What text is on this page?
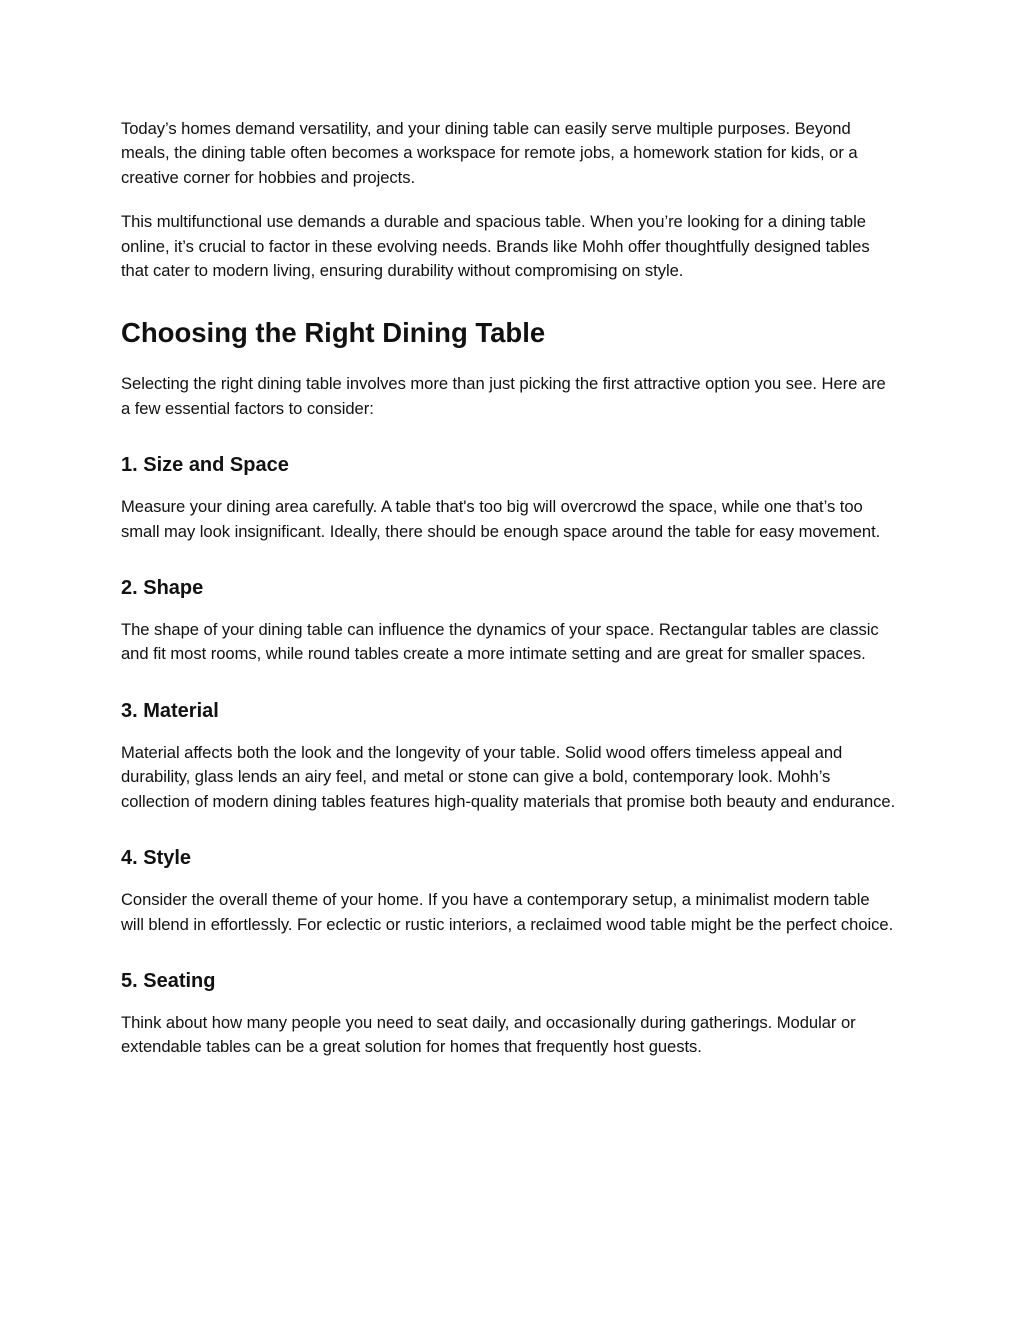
Today’s homes demand versatility, and your dining table can easily serve multiple purposes. Beyond meals, the dining table often becomes a workspace for remote jobs, a homework station for kids, or a creative corner for hobbies and projects.

This multifunctional use demands a durable and spacious table. When you’re looking for a dining table online, it’s crucial to factor in these evolving needs. Brands like Mohh offer thoughtfully designed tables that cater to modern living, ensuring durability without compromising on style.

Choosing the Right Dining Table

Selecting the right dining table involves more than just picking the first attractive option you see. Here are a few essential factors to consider:

1. Size and Space

Measure your dining area carefully. A table that's too big will overcrowd the space, while one that’s too small may look insignificant. Ideally, there should be enough space around the table for easy movement.

2. Shape

The shape of your dining table can influence the dynamics of your space. Rectangular tables are classic and fit most rooms, while round tables create a more intimate setting and are great for smaller spaces.

3. Material

Material affects both the look and the longevity of your table. Solid wood offers timeless appeal and durability, glass lends an airy feel, and metal or stone can give a bold, contemporary look. Mohh’s collection of modern dining tables features high-quality materials that promise both beauty and endurance.

4. Style

Consider the overall theme of your home. If you have a contemporary setup, a minimalist modern table will blend in effortlessly. For eclectic or rustic interiors, a reclaimed wood table might be the perfect choice.

5. Seating

Think about how many people you need to seat daily, and occasionally during gatherings. Modular or extendable tables can be a great solution for homes that frequently host guests.
